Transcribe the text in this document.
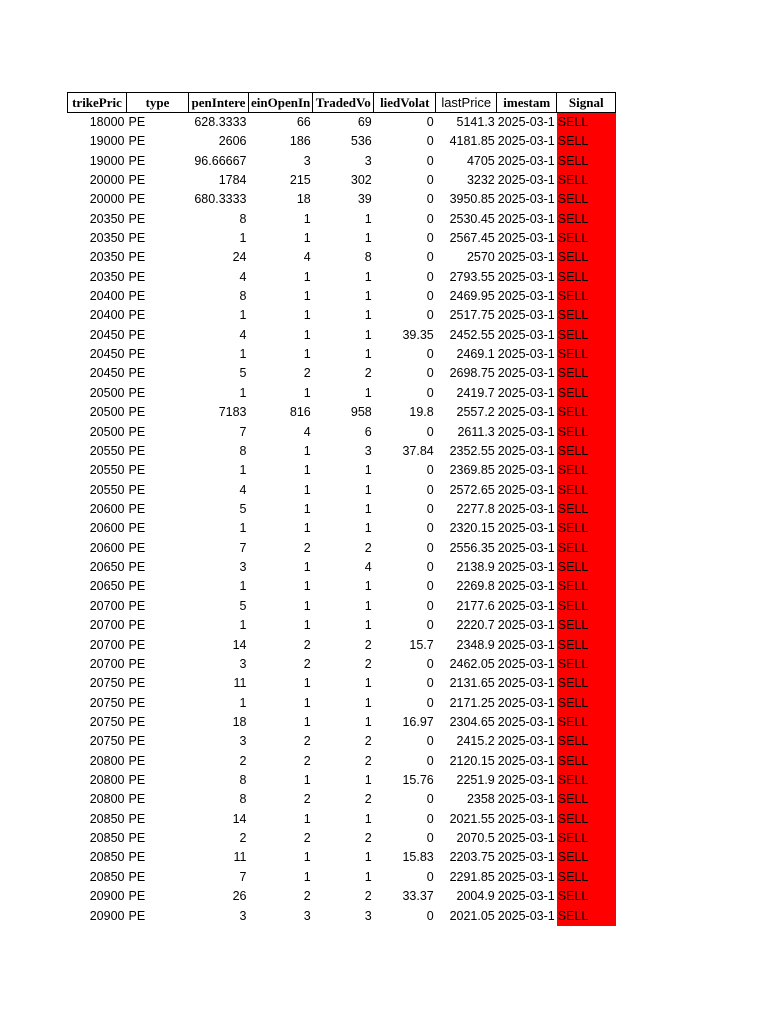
trikePric	type	penIntere	einOpenIn	TradedVo	liedVolat	lastPrice	imestam	Signal
18000	PE	628.3333	66	69	0	5141.3	2025-03-1	SELL
19000	PE	2606	186	536	0	4181.85	2025-03-1	SELL
19000	PE	96.66667	3	3	0	4705	2025-03-1	SELL
20000	PE	1784	215	302	0	3232	2025-03-1	SELL
20000	PE	680.3333	18	39	0	3950.85	2025-03-1	SELL
20350	PE	8	1	1	0	2530.45	2025-03-1	SELL
20350	PE	1	1	1	0	2567.45	2025-03-1	SELL
20350	PE	24	4	8	0	2570	2025-03-1	SELL
20350	PE	4	1	1	0	2793.55	2025-03-1	SELL
20400	PE	8	1	1	0	2469.95	2025-03-1	SELL
20400	PE	1	1	1	0	2517.75	2025-03-1	SELL
20450	PE	4	1	1	39.35	2452.55	2025-03-1	SELL
20450	PE	1	1	1	0	2469.1	2025-03-1	SELL
20450	PE	5	2	2	0	2698.75	2025-03-1	SELL
20500	PE	1	1	1	0	2419.7	2025-03-1	SELL
20500	PE	7183	816	958	19.8	2557.2	2025-03-1	SELL
20500	PE	7	4	6	0	2611.3	2025-03-1	SELL
20550	PE	8	1	3	37.84	2352.55	2025-03-1	SELL
20550	PE	1	1	1	0	2369.85	2025-03-1	SELL
20550	PE	4	1	1	0	2572.65	2025-03-1	SELL
20600	PE	5	1	1	0	2277.8	2025-03-1	SELL
20600	PE	1	1	1	0	2320.15	2025-03-1	SELL
20600	PE	7	2	2	0	2556.35	2025-03-1	SELL
20650	PE	3	1	4	0	2138.9	2025-03-1	SELL
20650	PE	1	1	1	0	2269.8	2025-03-1	SELL
20700	PE	5	1	1	0	2177.6	2025-03-1	SELL
20700	PE	1	1	1	0	2220.7	2025-03-1	SELL
20700	PE	14	2	2	15.7	2348.9	2025-03-1	SELL
20700	PE	3	2	2	0	2462.05	2025-03-1	SELL
20750	PE	11	1	1	0	2131.65	2025-03-1	SELL
20750	PE	1	1	1	0	2171.25	2025-03-1	SELL
20750	PE	18	1	1	16.97	2304.65	2025-03-1	SELL
20750	PE	3	2	2	0	2415.2	2025-03-1	SELL
20800	PE	2	2	2	0	2120.15	2025-03-1	SELL
20800	PE	8	1	1	15.76	2251.9	2025-03-1	SELL
20800	PE	8	2	2	0	2358	2025-03-1	SELL
20850	PE	14	1	1	0	2021.55	2025-03-1	SELL
20850	PE	2	2	2	0	2070.5	2025-03-1	SELL
20850	PE	11	1	1	15.83	2203.75	2025-03-1	SELL
20850	PE	7	1	1	0	2291.85	2025-03-1	SELL
20900	PE	26	2	2	33.37	2004.9	2025-03-1	SELL
20900	PE	3	3	3	0	2021.05	2025-03-1	SELL
